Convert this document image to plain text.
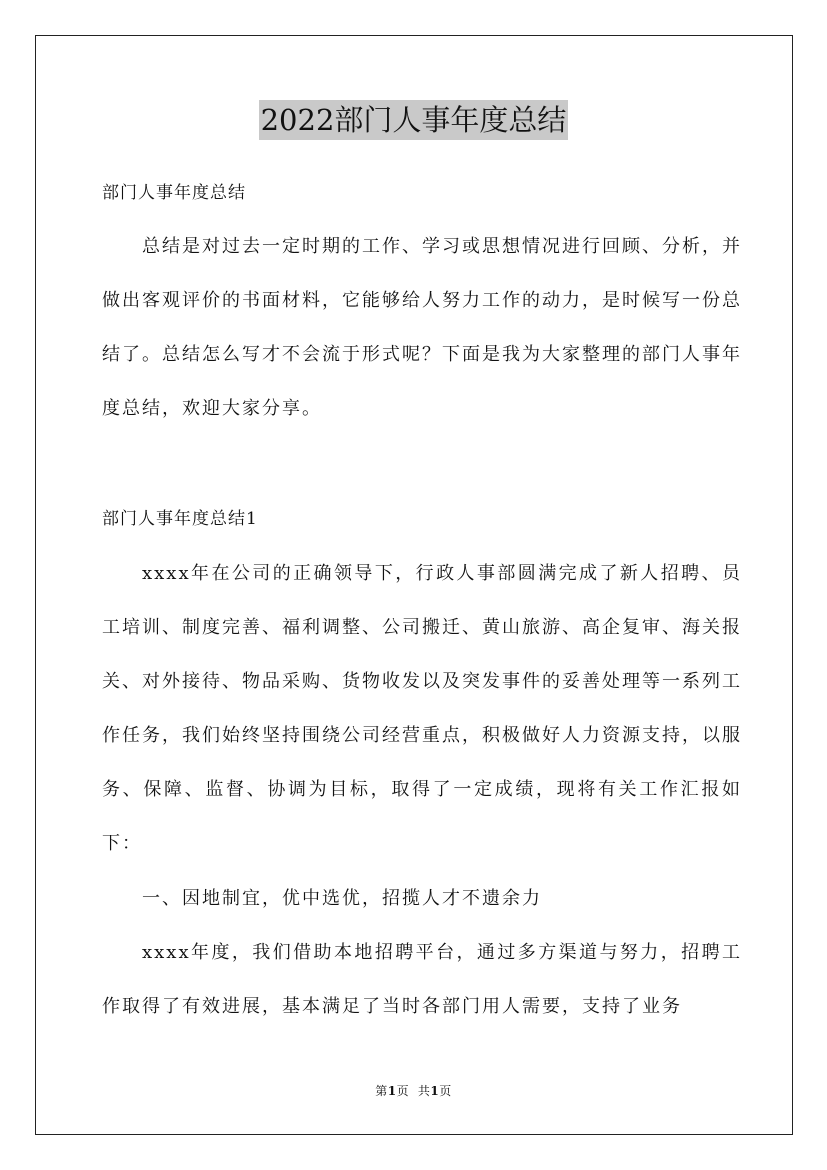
2022部门人事年度总结
部门人事年度总结
总结是对过去一定时期的工作、学习或思想情况进行回顾、分析，并做出客观评价的书面材料，它能够给人努力工作的动力，是时候写一份总结了。总结怎么写才不会流于形式呢？下面是我为大家整理的部门人事年度总结，欢迎大家分享。
部门人事年度总结1
xxxx年在公司的正确领导下，行政人事部圆满完成了新人招聘、员工培训、制度完善、福利调整、公司搬迁、黄山旅游、高企复审、海关报关、对外接待、物品采购、货物收发以及突发事件的妥善处理等一系列工作任务，我们始终坚持围绕公司经营重点，积极做好人力资源支持，以服务、保障、监督、协调为目标，取得了一定成绩，现将有关工作汇报如下：
一、因地制宜，优中选优，招揽人才不遗余力
xxxx年度，我们借助本地招聘平台，通过多方渠道与努力，招聘工作取得了有效进展，基本满足了当时各部门用人需要，支持了业务
第1页 共1页
